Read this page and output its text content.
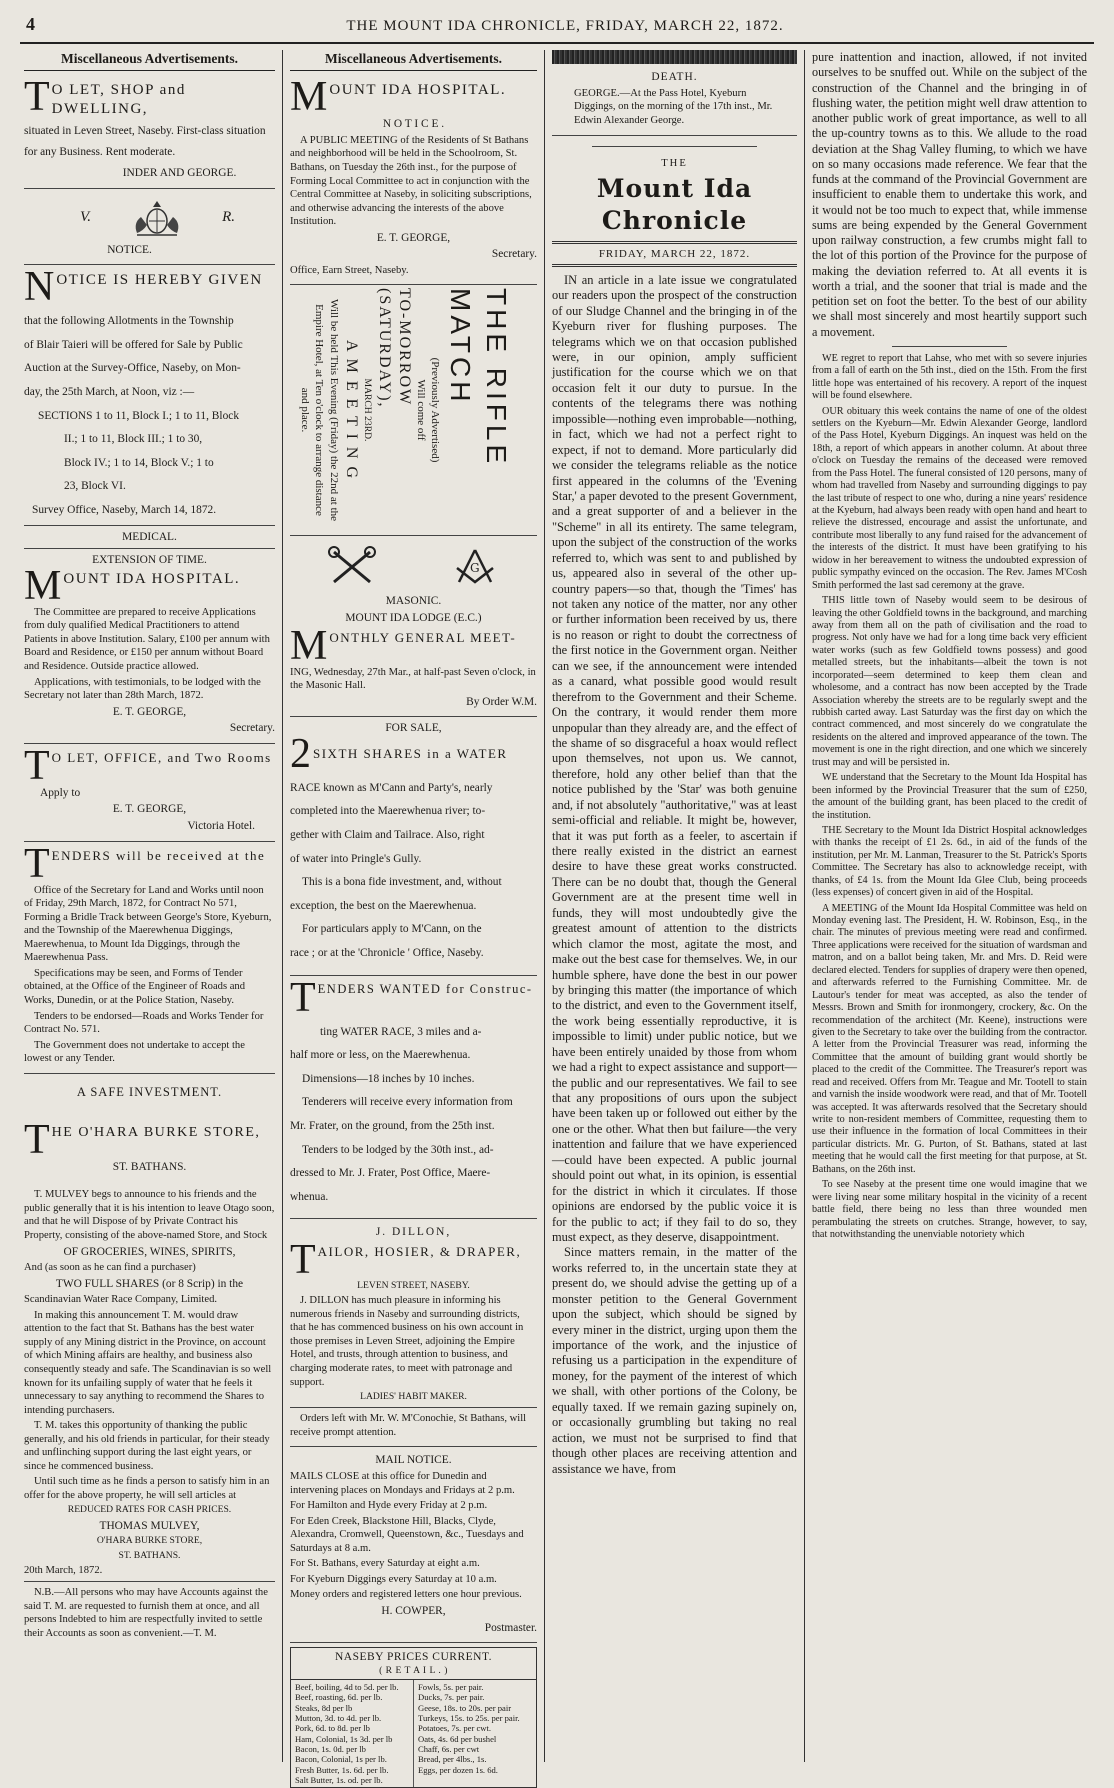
4	THE MOUNT IDA CHRONICLE, FRIDAY, MARCH 22, 1872.
Miscellaneous Advertisements.
T O LET, SHOP and DWELLING,

situated in Leven Street, Naseby. First-class situation for any Business. Rent moderate.

INDER AND GEORGE.

V.	R.

NOTICE.

N OTICE IS HEREBY GIVEN

that the following Allotments in the Township

of Blair Taieri will be offered for Sale by Public

Auction at the Survey-Office, Naseby, on Mon-

day, the 25th March, at Noon, viz :—

SECTIONS 1 to 11, Block I.; 1 to 11, Block

II.; 1 to 11, Block III.; 1 to 30,

Block IV.; 1 to 14, Block V.; 1 to

23, Block VI.

Survey Office, Naseby, March 14, 1872.

MEDICAL.
EXTENSION OF TIME.
M OUNT IDA HOSPITAL.

The Committee are prepared to receive Applications from duly qualified Medical Practitioners to attend Patients in above Institution. Salary, £100 per annum with Board and Residence, or £150 per annum without Board and Residence. Outside practice allowed.

Applications, with testimonials, to be lodged with the Secretary not later than 28th March, 1872.

E. T. GEORGE,

Secretary.

T O LET, OFFICE, and Two Rooms

Apply to

E. T. GEORGE,

Victoria Hotel.

T ENDERS will be received at the

Office of the Secretary for Land and Works until noon of Friday, 29th March, 1872, for Contract No 571, Forming a Bridle Track between George's Store, Kyeburn, and the Township of the Maerewhenua Diggings, Maerewhenua, to Mount Ida Diggings, through the Maerewhenua Pass.

Specifications may be seen, and Forms of Tender obtained, at the Office of the Engineer of Roads and Works, Dunedin, or at the Police Station, Naseby.

Tenders to be endorsed—Roads and Works Tender for Contract No. 571.

The Government does not undertake to accept the lowest or any Tender.

A SAFE INVESTMENT.
T HE O'HARA BURKE STORE,

ST. BATHANS.

T. MULVEY begs to announce to his friends and the public generally that it is his intention to leave Otago soon, and that he will Dispose of by Private Contract his Property, consisting of the above-named Store, and Stock

OF GROCERIES, WINES, SPIRITS,

And (as soon as he can find a purchaser)

TWO FULL SHARES (or 8 Scrip) in the

Scandinavian Water Race Company, Limited.

In making this announcement T. M. would draw attention to the fact that St. Bathans has the best water supply of any Mining district in the Province, on account of which Mining affairs are healthy, and business also consequently steady and safe. The Scandinavian is so well known for its unfailing supply of water that he feels it unnecessary to say anything to recommend the Shares to intending purchasers.

T. M. takes this opportunity of thanking the public generally, and his old friends in particular, for their steady and unflinching support during the last eight years, or since he commenced business.

Until such time as he finds a person to satisfy him in an offer for the above property, he will sell articles at

REDUCED RATES FOR CASH PRICES.

THOMAS MULVEY,

O'HARA BURKE STORE,

ST. BATHANS.

20th March, 1872.

N.B.—All persons who may have Accounts against the said T. M. are requested to furnish them at once, and all persons Indebted to him are respectfully invited to settle their Accounts as soon as convenient.—T. M.

Miscellaneous Advertisements.
M OUNT IDA HOSPITAL.

N O T I C E .

A PUBLIC MEETING of the Residents of St Bathans and neighborhood will be held in the Schoolroom, St. Bathans, on Tuesday the 26th inst., for the purpose of Forming Local Committee to act in conjunction with the Central Committee at Naseby, in soliciting subscriptions, and otherwise advancing the interests of the above Institution.

E. T. GEORGE,

Secretary.

Office, Earn Street, Naseby.

THE RIFLE MATCH
(Previously Advertised)
Will come off
TO-MORROW (SATURDAY),
MARCH 23RD.
A M E E T I N G
Will be held This Evening (Friday) the 22nd at the Empire Hotel, at Ten o'clock to arrange distance and place.
G

MASONIC.

MOUNT IDA LODGE (E.C.)

M ONTHLY GENERAL MEET-

ING, Wednesday, 27th Mar., at half-past Seven o'clock, in the Masonic Hall.

By Order W.M.

FOR SALE,
2 SIXTH SHARES in a WATER

RACE known as M'Cann and Party's, nearly

completed into the Maerewhenua river; to-

gether with Claim and Tailrace. Also, right

of water into Pringle's Gully.

This is a bona fide investment, and, without

exception, the best on the Maerewhenua.

For particulars apply to M'Cann, on the

race ; or at the 'Chronicle ' Office, Naseby.

T ENDERS WANTED for Construc-

ting WATER RACE, 3 miles and a-

half more or less, on the Maerewhenua.

Dimensions—18 inches by 10 inches.

Tenderers will receive every information from

Mr. Frater, on the ground, from the 25th inst.

Tenders to be lodged by the 30th inst., ad-

dressed to Mr. J. Frater, Post Office, Maere-

whenua.

J. DILLON,

T AILOR, HOSIER, & DRAPER,

LEVEN STREET, NASEBY.

J. DILLON has much pleasure in informing his numerous friends in Naseby and surrounding districts, that he has commenced business on his own account in those premises in Leven Street, adjoining the Empire Hotel, and trusts, through attention to business, and charging moderate rates, to meet with patronage and support.

LADIES' HABIT MAKER.

Orders left with Mr. W. M'Conochie, St Bathans, will receive prompt attention.

MAIL NOTICE.

MAILS CLOSE at this office for Dunedin and intervening places on Mondays and Fridays at 2 p.m.

For Hamilton and Hyde every Friday at 2 p.m.

For Eden Creek, Blackstone Hill, Blacks, Clyde, Alexandra, Cromwell, Queenstown, &c., Tuesdays and Saturdays at 8 a.m.

For St. Bathans, every Saturday at eight a.m.

For Kyeburn Diggings every Saturday at 10 a.m.

Money orders and registered letters one hour previous.

H. COWPER,

Postmaster.

NASEBY PRICES CURRENT.
( R E T A I L . )
Beef, boiling, 4d to 5d. per lb.
Beef, roasting, 6d. per lb.
Steaks, 8d per lb
Mutton, 3d. to 4d. per lb.
Pork, 6d. to 8d. per lb
Ham, Colonial, 1s 3d. per lb
Bacon, 1s. 0d. per lb
Bacon, Colonial, 1s per lb.
Fresh Butter, 1s. 6d. per lb.
Salt Butter, 1s. od. per lb.
Fowls, 5s. per pair.
Ducks, 7s. per pair.
Geese, 18s. to 20s. per pair
Turkeys, 15s. to 25s. per pair.
Potatoes, 7s. per cwt.
Oats, 4s. 6d per bushel
Chaff, 6s. per cwt
Bread, per 4lbs., 1s.
Eggs, per dozen 1s. 6d.

DEATH.

GEORGE.—At the Pass Hotel, Kyeburn Diggings, on the morning of the 17th inst., Mr. Edwin Alexander George.

THE

Mount Ida Chronicle
FRIDAY, MARCH 22, 1872.

IN an article in a late issue we congratulated our readers upon the prospect of the construction of our Sludge Channel and the bringing in of the Kyeburn river for flushing purposes. The telegrams which we on that occasion published were, in our opinion, amply sufficient justification for the course which we on that occasion felt it our duty to pursue. In the contents of the telegrams there was nothing impossible—nothing even improbable—nothing, in fact, which we had not a perfect right to expect, if not to demand. More particularly did we consider the telegrams reliable as the notice first appeared in the columns of the 'Evening Star,' a paper devoted to the present Government, and a great supporter of and a believer in the "Scheme" in all its entirety. The same telegram, upon the subject of the construction of the works referred to, which was sent to and published by us, appeared also in several of the other up-country papers—so that, though the 'Times' has not taken any notice of the matter, nor any other or further information been received by us, there is no reason or right to doubt the correctness of the first notice in the Government organ. Neither can we see, if the announcement were intended as a canard, what possible good would result therefrom to the Government and their Scheme. On the contrary, it would render them more unpopular than they already are, and the effect of the shame of so disgraceful a hoax would reflect upon themselves, not upon us. We cannot, therefore, hold any other belief than that the notice published by the 'Star' was both genuine and, if not absolutely "authoritative," was at least semi-official and reliable. It might be, however, that it was put forth as a feeler, to ascertain if there really existed in the district an earnest desire to have these great works constructed. There can be no doubt that, though the General Government are at the present time well in funds, they will most undoubtedly give the greatest amount of attention to the districts which clamor the most, agitate the most, and make out the best case for themselves. We, in our humble sphere, have done the best in our power by bringing this matter (the importance of which to the district, and even to the Government itself, the work being essentially reproductive, it is impossible to limit) under public notice, but we have been entirely unaided by those from whom we had a right to expect assistance and support—the public and our representatives. We fail to see that any propositions of ours upon the subject have been taken up or followed out either by the one or the other. What then but failure—the very inattention and failure that we have experienced—could have been expected. A public journal should point out what, in its opinion, is essential for the district in which it circulates. If those opinions are endorsed by the public voice it is for the public to act; if they fail to do so, they must expect, as they deserve, disappointment.

Since matters remain, in the matter of the works referred to, in the uncertain state they at present do, we should advise the getting up of a monster petition to the General Government upon the subject, which should be signed by every miner in the district, urging upon them the importance of the work, and the injustice of refusing us a participation in the expenditure of money, for the payment of the interest of which we shall, with other portions of the Colony, be equally taxed. If we remain gazing supinely on, or occasionally grumbling but taking no real action, we must not be surprised to find that though other places are receiving attention and assistance we have, from

pure inattention and inaction, allowed, if not invited ourselves to be snuffed out. While on the subject of the construction of the Channel and the bringing in of flushing water, the petition might well draw attention to another public work of great importance, as well to all the up-country towns as to this. We allude to the road deviation at the Shag Valley fluming, to which we have on so many occasions made reference. We fear that the funds at the command of the Provincial Government are insufficient to enable them to undertake this work, and it would not be too much to expect that, while immense sums are being expended by the General Government upon railway construction, a few crumbs might fall to the lot of this portion of the Province for the purpose of making the deviation referred to. At all events it is worth a trial, and the sooner that trial is made and the petition set on foot the better. To the best of our ability we shall most sincerely and most heartily support such a movement.

WE regret to report that Lahse, who met with so severe injuries from a fall of earth on the 5th inst., died on the 15th. From the first little hope was entertained of his recovery. A report of the inquest will be found elsewhere.

OUR obituary this week contains the name of one of the oldest settlers on the Kyeburn—Mr. Edwin Alexander George, landlord of the Pass Hotel, Kyeburn Diggings. An inquest was held on the 18th, a report of which appears in another column. At about three o'clock on Tuesday the remains of the deceased were removed from the Pass Hotel. The funeral consisted of 120 persons, many of whom had travelled from Naseby and surrounding diggings to pay the last tribute of respect to one who, during a nine years' residence at the Kyeburn, had always been ready with open hand and heart to relieve the distressed, encourage and assist the unfortunate, and contribute most liberally to any fund raised for the advancement of the interests of the district. It must have been gratifying to his widow in her bereavement to witness the undoubted expression of public sympathy evinced on the occasion. The Rev. James M'Cosh Smith performed the last sad ceremony at the grave.

THIS little town of Naseby would seem to be desirous of leaving the other Goldfield towns in the background, and marching away from them all on the path of civilisation and the road to progress. Not only have we had for a long time back very efficient water works (such as few Goldfield towns possess) and good metalled streets, but the inhabitants—albeit the town is not incorporated—seem determined to keep them clean and wholesome, and a contract has now been accepted by the Trade Association whereby the streets are to be regularly swept and the rubbish carted away. Last Saturday was the first day on which the contract commenced, and most sincerely do we congratulate the residents on the altered and improved appearance of the town. The movement is one in the right direction, and one which we sincerely trust may and will be persisted in.

WE understand that the Secretary to the Mount Ida Hospital has been informed by the Provincial Treasurer that the sum of £250, the amount of the building grant, has been placed to the credit of the institution.

THE Secretary to the Mount Ida District Hospital acknowledges with thanks the receipt of £1 2s. 6d., in aid of the funds of the institution, per Mr. M. Lanman, Treasurer to the St. Patrick's Sports Committee. The Secretary has also to acknowledge receipt, with thanks, of £4 1s. from the Mount Ida Glee Club, being proceeds (less expenses) of concert given in aid of the Hospital.

A MEETING of the Mount Ida Hospital Committee was held on Monday evening last. The President, H. W. Robinson, Esq., in the chair. The minutes of previous meeting were read and confirmed. Three applications were received for the situation of wardsman and matron, and on a ballot being taken, Mr. and Mrs. D. Reid were declared elected. Tenders for supplies of drapery were then opened, and afterwards referred to the Furnishing Committee. Mr. de Lautour's tender for meat was accepted, as also the tender of Messrs. Brown and Smith for ironmongery, crockery, &c. On the recommendation of the architect (Mr. Keene), instructions were given to the Secretary to take over the building from the contractor. A letter from the Provincial Treasurer was read, informing the Committee that the amount of building grant would shortly be placed to the credit of the Committee. The Treasurer's report was read and received. Offers from Mr. Teague and Mr. Tootell to stain and varnish the inside woodwork were read, and that of Mr. Tootell was accepted. It was afterwards resolved that the Secretary should write to non-resident members of Committee, requesting them to use their influence in the formation of local Committees in their particular districts. Mr. G. Purton, of St. Bathans, stated at last meeting that he would call the first meeting for that purpose, at St. Bathans, on the 26th inst.

To see Naseby at the present time one would imagine that we were living near some military hospital in the vicinity of a recent battle field, there being no less than three wounded men perambulating the streets on crutches. Strange, however, to say, that notwithstanding the unenviable notoriety which
